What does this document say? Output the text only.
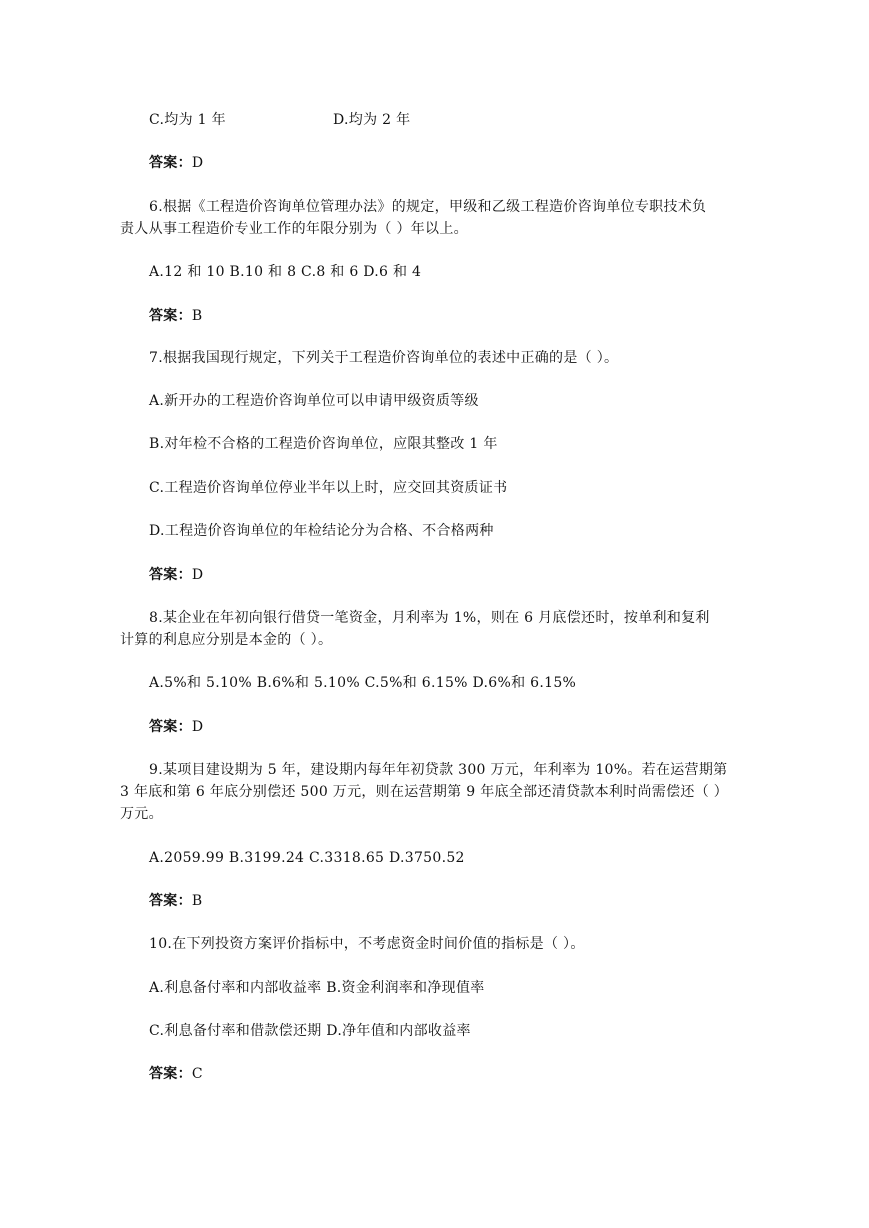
C.均为 1 年	D.均为 2 年
答案：D
6.根据《工程造价咨询单位管理办法》的规定，甲级和乙级工程造价咨询单位专职技术负
责人从事工程造价专业工作的年限分别为（ ）年以上。
A.12 和 10 B.10 和 8 C.8 和 6 D.6 和 4
答案：B
7.根据我国现行规定，下列关于工程造价咨询单位的表述中正确的是（ ）。
A.新开办的工程造价咨询单位可以申请甲级资质等级
B.对年检不合格的工程造价咨询单位，应限其整改 1 年
C.工程造价咨询单位停业半年以上时，应交回其资质证书
D.工程造价咨询单位的年检结论分为合格、不合格两种
答案：D
8.某企业在年初向银行借贷一笔资金，月利率为 1%，则在 6 月底偿还时，按单利和复利
计算的利息应分别是本金的（ ）。
A.5%和 5.10% B.6%和 5.10% C.5%和 6.15% D.6%和 6.15%
答案：D
9.某项目建设期为 5 年，建设期内每年年初贷款 300 万元，年利率为 10%。若在运营期第
3 年底和第 6 年底分别偿还 500 万元，则在运营期第 9 年底全部还清贷款本利时尚需偿还（ ）
万元。
A.2059.99 B.3199.24 C.3318.65 D.3750.52
答案：B
10.在下列投资方案评价指标中，不考虑资金时间价值的指标是（ ）。
A.利息备付率和内部收益率 B.资金利润率和净现值率
C.利息备付率和借款偿还期 D.净年值和内部收益率
答案：C
